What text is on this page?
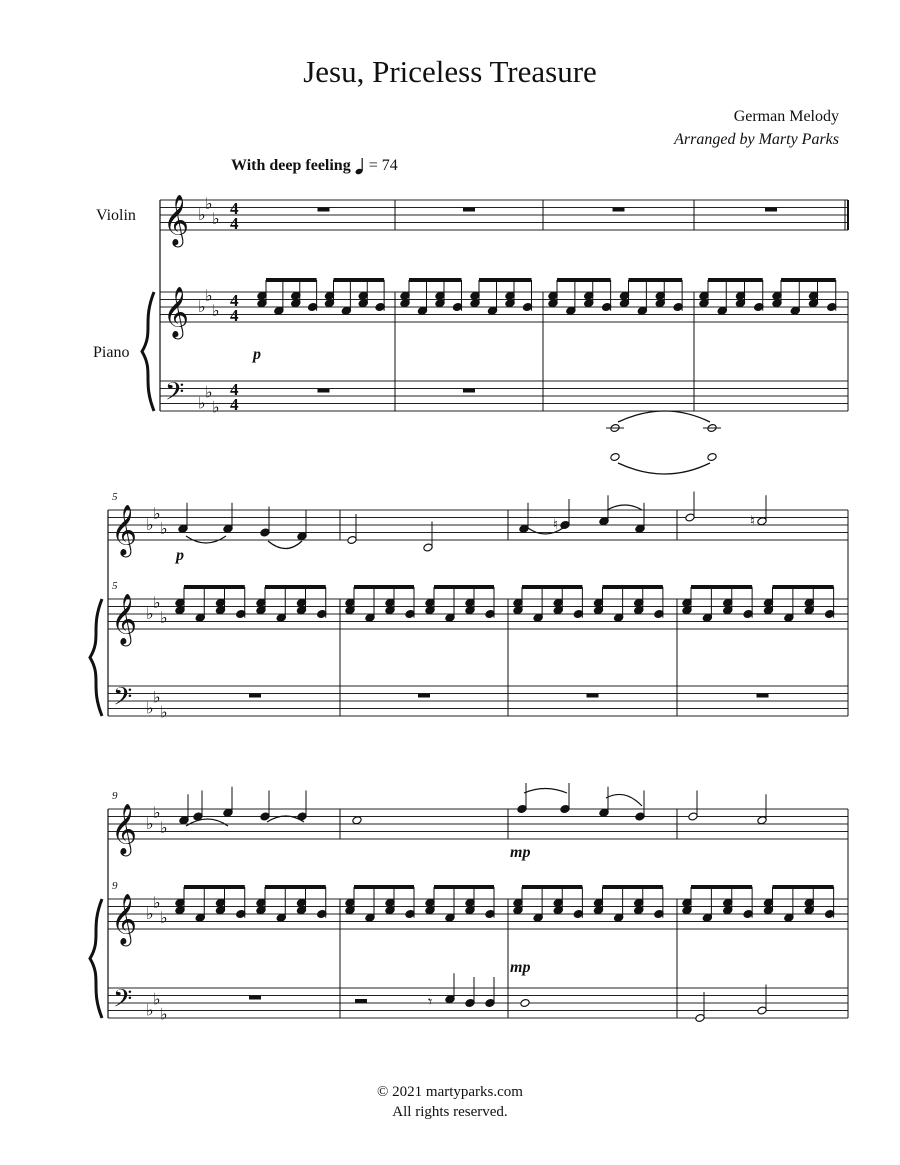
Jesu, Priceless Treasure
German Melody
Arranged by Marty Parks
With deep feeling = 74
Violin
Piano
𝄞 ♭
♭
♭
4
4
𝄞 ♭
♭
♭
4
4
𝄢 ♭
♭
♭
4
4
p
𝄞 ♭
♭
♭
𝄞 ♭
♭
♭
𝄢 ♭
♭
♭
5
5
♮	♮
p
𝄞 ♭
♭
♭
𝄞 ♭
♭
♭
𝄢 ♭
♭
♭
9
9
mp
mp
𝄾
© 2021 martyparks.com
All rights reserved.
